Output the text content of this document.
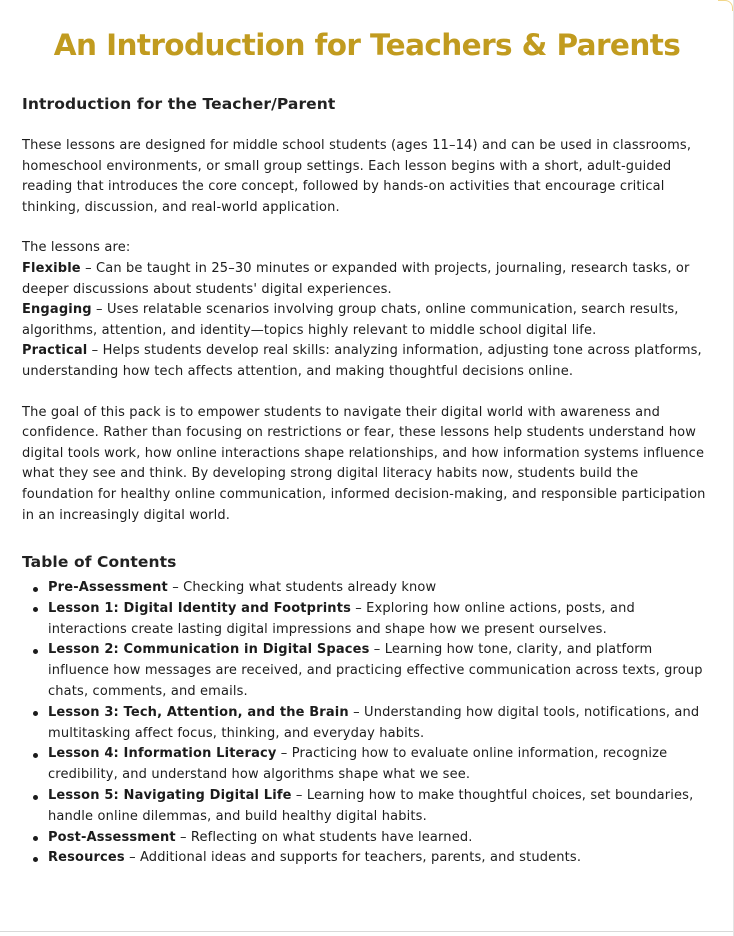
An Introduction for Teachers & Parents
Introduction for the Teacher/Parent

These lessons are designed for middle school students (ages 11–14) and can be used in classrooms, homeschool environments, or small group settings. Each lesson begins with a short, adult-guided reading that introduces the core concept, followed by hands-on activities that encourage critical thinking, discussion, and real-world application.

The lessons are:

Flexible – Can be taught in 25–30 minutes or expanded with projects, journaling, research tasks, or deeper discussions about students' digital experiences.

Engaging – Uses relatable scenarios involving group chats, online communication, search results, algorithms, attention, and identity—topics highly relevant to middle school digital life.

Practical – Helps students develop real skills: analyzing information, adjusting tone across platforms, understanding how tech affects attention, and making thoughtful decisions online.

The goal of this pack is to empower students to navigate their digital world with awareness and confidence. Rather than focusing on restrictions or fear, these lessons help students understand how digital tools work, how online interactions shape relationships, and how information systems influence what they see and think. By developing strong digital literacy habits now, students build the foundation for healthy online communication, informed decision-making, and responsible participation in an increasingly digital world.

Table of Contents
Pre-Assessment – Checking what students already know
Lesson 1: Digital Identity and Footprints – Exploring how online actions, posts, and interactions create lasting digital impressions and shape how we present ourselves.
Lesson 2: Communication in Digital Spaces – Learning how tone, clarity, and platform influence how messages are received, and practicing effective communication across texts, group chats, comments, and emails.
Lesson 3: Tech, Attention, and the Brain – Understanding how digital tools, notifications, and multitasking affect focus, thinking, and everyday habits.
Lesson 4: Information Literacy – Practicing how to evaluate online information, recognize credibility, and understand how algorithms shape what we see.
Lesson 5: Navigating Digital Life – Learning how to make thoughtful choices, set boundaries, handle online dilemmas, and build healthy digital habits.
Post-Assessment – Reflecting on what students have learned.
Resources – Additional ideas and supports for teachers, parents, and students.
